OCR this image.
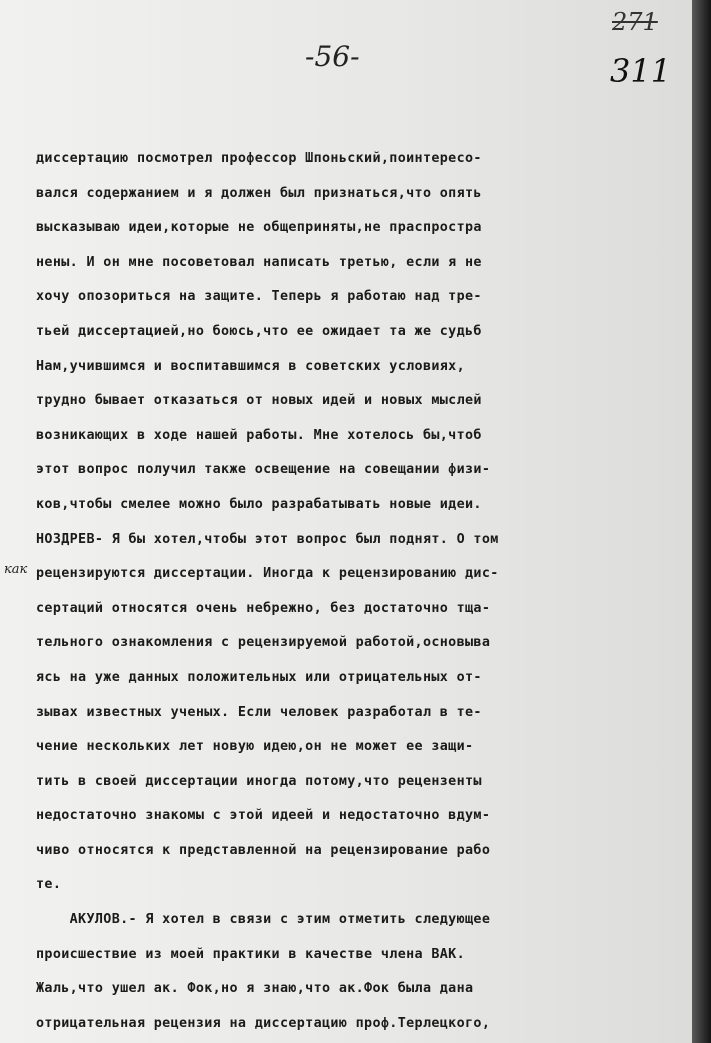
-56-
271
311
как
диссертацию посмотрел профессор Шпоньский,поинтересо-
вался содержанием и я должен был признаться,что опять
высказываю идеи,которые не общеприняты,не праспростра
нены. И он мне посоветовал написать третью, если я не
хочу опозориться на защите. Теперь я работаю над тре-
тьей диссертацией,но боюсь,что ее ожидает та же судьб
Нам,учившимся и воспитавшимся в советских условиях,
трудно бывает отказаться от новых идей и новых мыслей
возникающих в ходе нашей работы. Мне хотелось бы,чтоб
этот вопрос получил также освещение на совещании физи-
ков,чтобы смелее можно было разрабатывать новые идеи.
НОЗДРЕВ- Я бы хотел,чтобы этот вопрос был поднят. О том
рецензируются диссертации. Иногда к рецензированию дис-
сертаций относятся очень небрежно, без достаточно тща-
тельного ознакомления с рецензируемой работой,основыва
ясь на уже данных положительных или отрицательных от-
зывах известных ученых. Если человек разработал в те-
чение нескольких лет новую идею,он не может ее защи-
тить в своей диссертации иногда потому,что рецензенты
недостаточно знакомы с этой идеей и недостаточно вдум-
чиво относятся к представленной на рецензирование рабо
те.
АКУЛОВ.- Я хотел в связи с этим отметить следующее
происшествие из моей практики в качестве члена ВАК.
Жаль,что ушел ак. Фок,но я знаю,что ак.Фок была дана
отрицательная рецензия на диссертацию проф.Терлецкого,
